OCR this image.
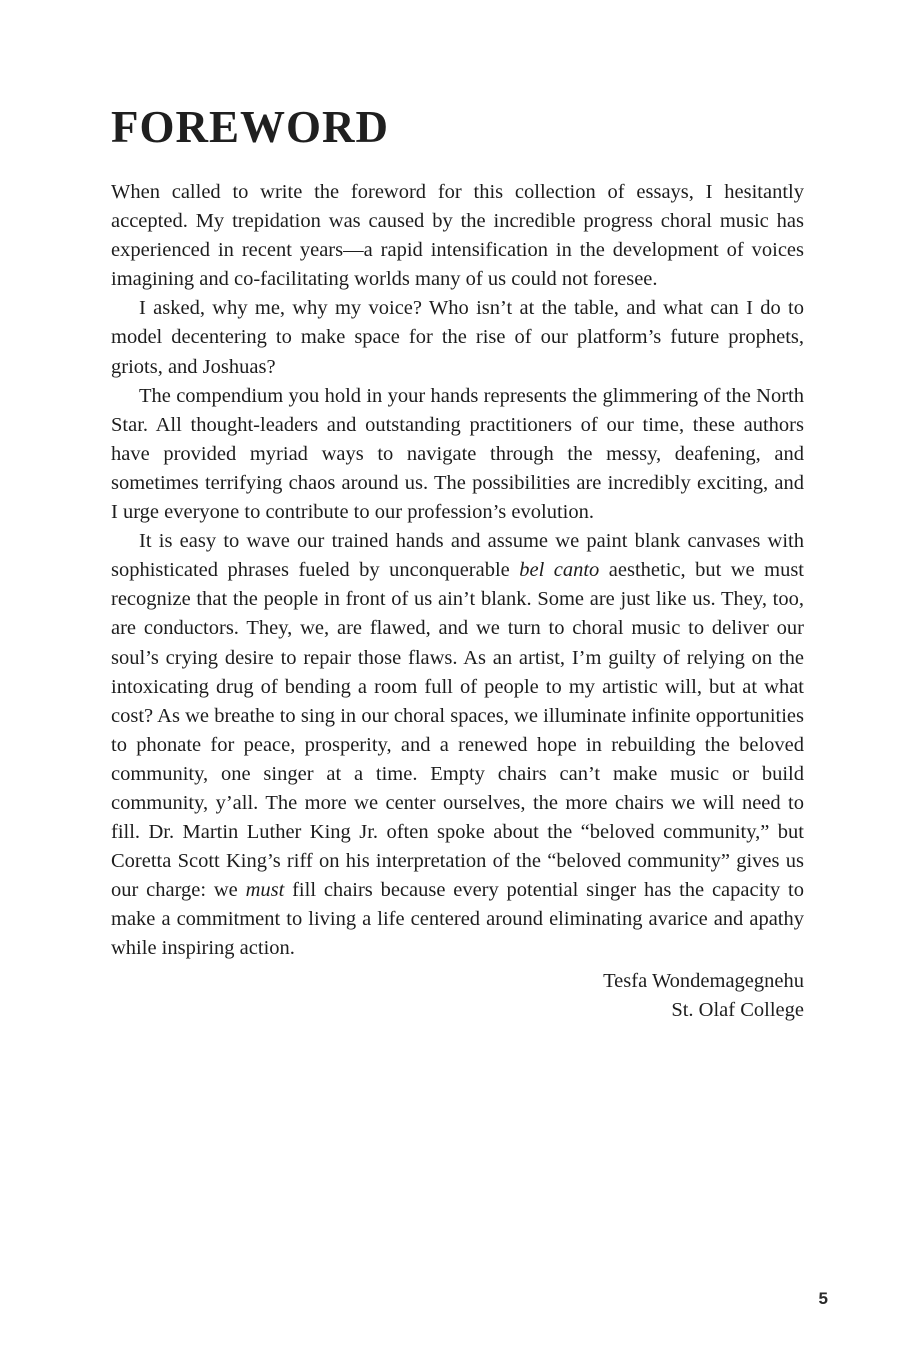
FOREWORD

When called to write the foreword for this collection of essays, I hesitantly accepted. My trepidation was caused by the incredible progress choral music has experienced in recent years—a rapid intensification in the development of voices imagining and co-facilitating worlds many of us could not foresee.

I asked, why me, why my voice? Who isn’t at the table, and what can I do to model decentering to make space for the rise of our platform’s future prophets, griots, and Joshuas?

The compendium you hold in your hands represents the glimmering of the North Star. All thought-leaders and outstanding practitioners of our time, these authors have provided myriad ways to navigate through the messy, deafening, and sometimes terrifying chaos around us. The possibilities are incredibly exciting, and I urge everyone to contribute to our profession’s evolution.

It is easy to wave our trained hands and assume we paint blank canvases with sophisticated phrases fueled by unconquerable bel canto aesthetic, but we must recognize that the people in front of us ain’t blank. Some are just like us. They, too, are conductors. They, we, are flawed, and we turn to choral music to deliver our soul’s crying desire to repair those flaws. As an artist, I’m guilty of relying on the intoxicating drug of bending a room full of people to my artistic will, but at what cost? As we breathe to sing in our choral spaces, we illuminate infinite opportunities to phonate for peace, prosperity, and a renewed hope in rebuilding the beloved community, one singer at a time. Empty chairs can’t make music or build community, y’all. The more we center ourselves, the more chairs we will need to fill. Dr. Martin Luther King Jr. often spoke about the “beloved community,” but Coretta Scott King’s riff on his interpretation of the “beloved community” gives us our charge: we must fill chairs because every potential singer has the capacity to make a commitment to living a life centered around eliminating avarice and apathy while inspiring action.

Tesfa Wondemagegnehu
St. Olaf College
5
